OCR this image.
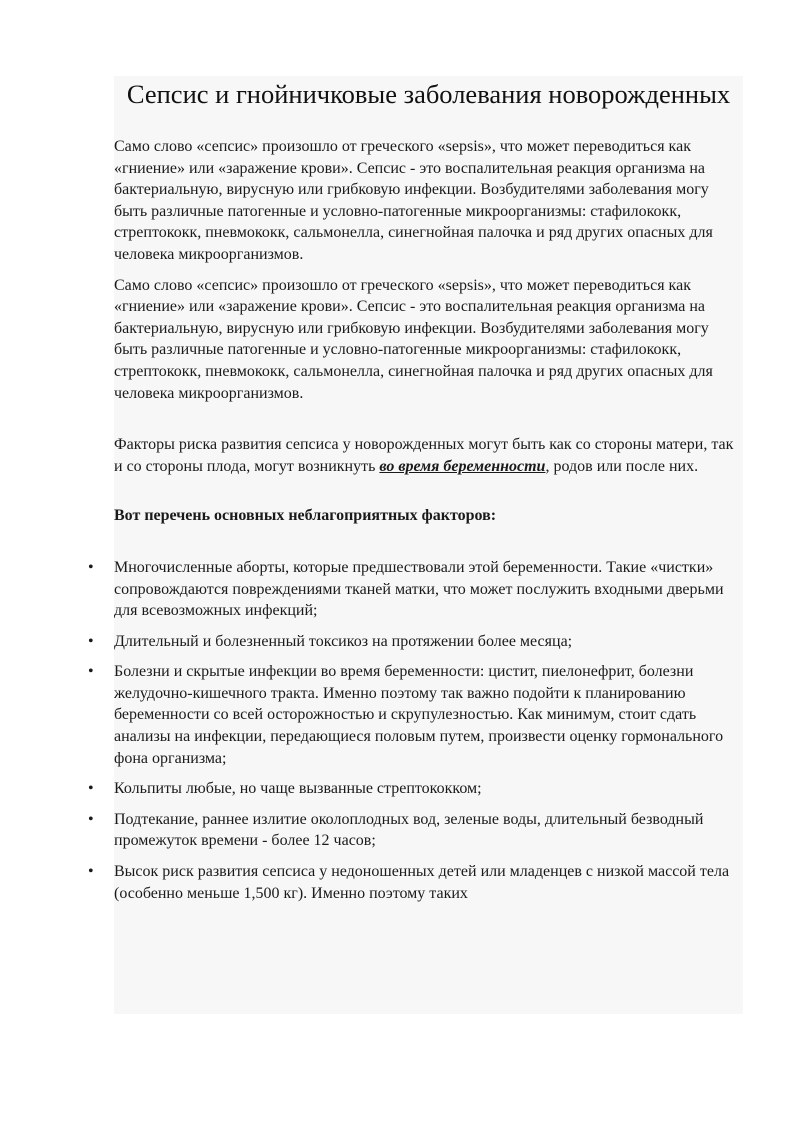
Сепсис и гнойничковые заболевания новорожденных

Само слово «сепсис» произошло от греческого «sepsis», что может переводиться как «гниение» или «заражение крови». Сепсис - это воспалительная реакция организма на бактериальную, вирусную или грибковую инфекции. Возбудителями заболевания могу быть различные патогенные и условно-патогенные микроорганизмы: стафилококк, стрептококк, пневмококк, сальмонелла, синегнойная палочка и ряд других опасных для человека микроорганизмов.

Само слово «сепсис» произошло от греческого «sepsis», что может переводиться как «гниение» или «заражение крови». Сепсис - это воспалительная реакция организма на бактериальную, вирусную или грибковую инфекции. Возбудителями заболевания могу быть различные патогенные и условно-патогенные микроорганизмы: стафилококк, стрептококк, пневмококк, сальмонелла, синегнойная палочка и ряд других опасных для человека микроорганизмов.

Факторы риска развития сепсиса у новорожденных могут быть как со стороны матери, так и со стороны плода, могут возникнуть во время беременности, родов или после них.

Вот перечень основных неблагоприятных факторов:

• Многочисленные аборты, которые предшествовали этой беременности. Такие «чистки» сопровождаются повреждениями тканей матки, что может послужить входными дверьми для всевозможных инфекций;
• Длительный и болезненный токсикоз на протяжении более месяца;
• Болезни и скрытые инфекции во время беременности: цистит, пиелонефрит, болезни желудочно-кишечного тракта. Именно поэтому так важно подойти к планированию беременности со всей осторожностью и скрупулезностью. Как минимум, стоит сдать анализы на инфекции, передающиеся половым путем, произвести оценку гормонального фона организма;
• Кольпиты любые, но чаще вызванные стрептококком;
• Подтекание, раннее излитие околоплодных вод, зеленые воды, длительный безводный промежуток времени - более 12 часов;
• Высок риск развития сепсиса у недоношенных детей или младенцев с низкой массой тела (особенно меньше 1,500 кг). Именно поэтому таких
